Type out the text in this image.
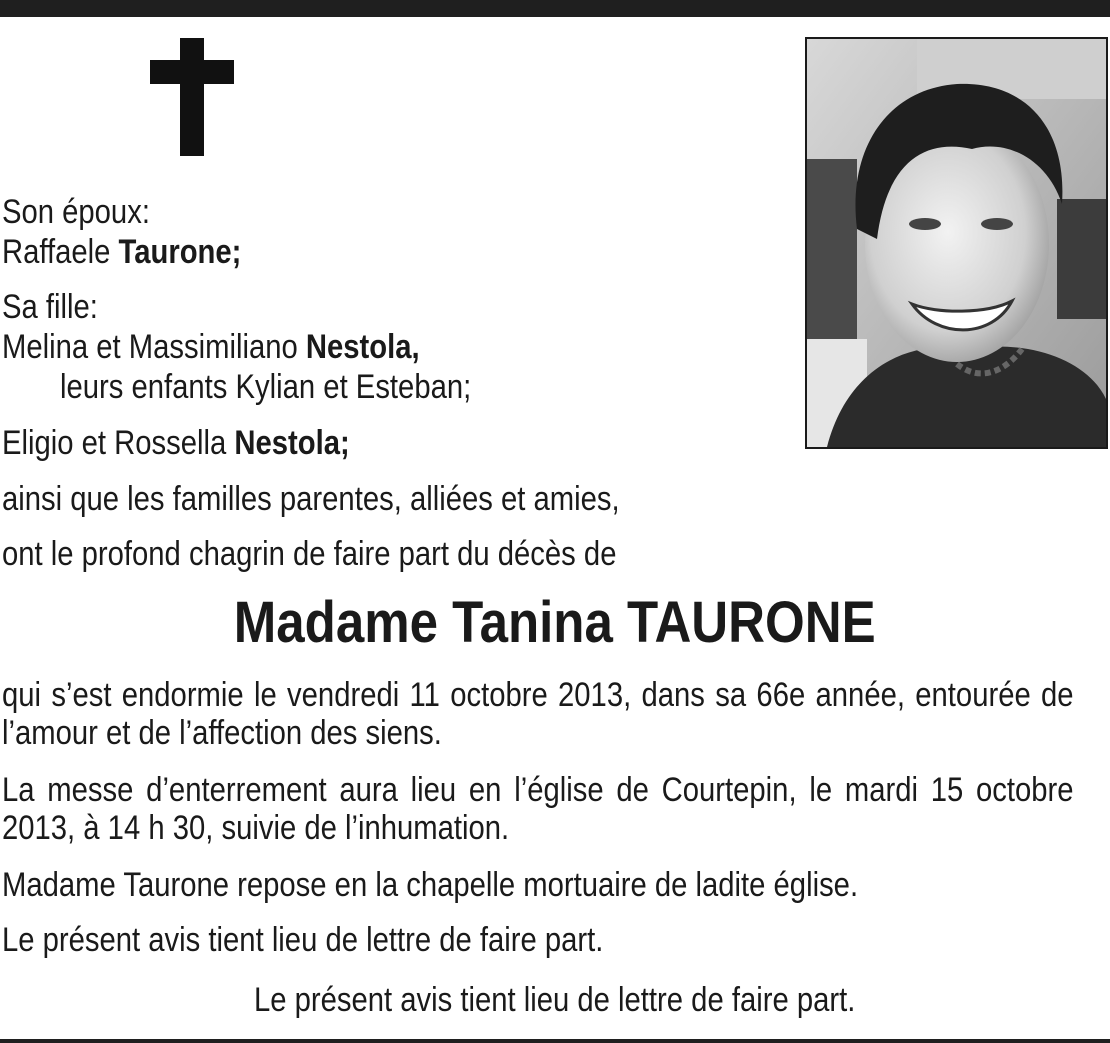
Son époux:
Raffaele Taurone;
Sa fille:
Melina et Massimiliano Nestola,
leurs enfants Kylian et Esteban;
Eligio et Rossella Nestola;
ainsi que les familles parentes, alliées et amies,
ont le profond chagrin de faire part du décès de
Madame Tanina TAURONE
qui s’est endormie le vendredi 11 octobre 2013, dans sa 66e année, entourée de l’amour et de l’affection des siens.
La messe d’enterrement aura lieu en l’église de Courtepin, le mardi 15 octobre 2013, à 14 h 30, suivie de l’inhumation.
Madame Taurone repose en la chapelle mortuaire de ladite église.
Le présent avis tient lieu de lettre de faire part.
Le présent avis tient lieu de lettre de faire part.
